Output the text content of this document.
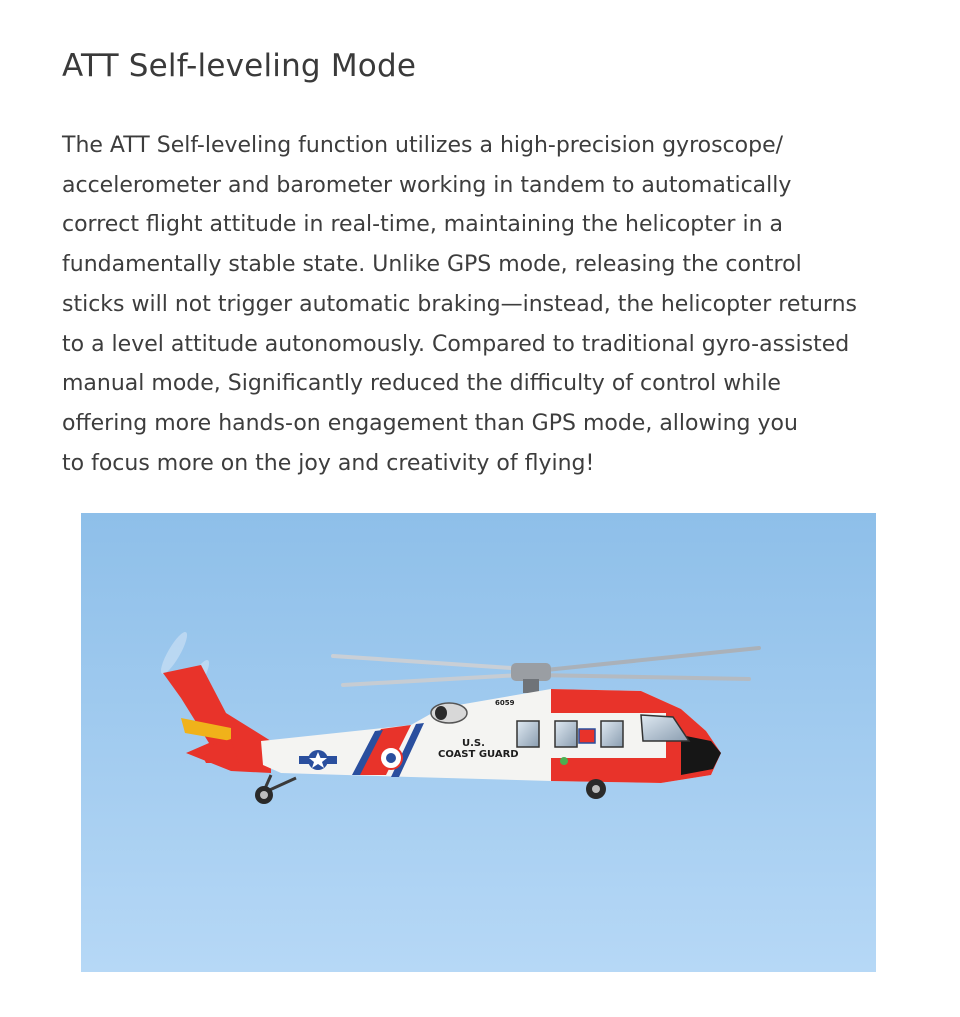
ATT Self-leveling Mode
The ATT Self-leveling function utilizes a high-precision gyroscope/
accelerometer and barometer working in tandem to automatically
correct flight attitude in real-time, maintaining the helicopter in a
fundamentally stable state. Unlike GPS mode, releasing the control
sticks will not trigger automatic braking—instead, the helicopter returns
to a level attitude autonomously. Compared to traditional gyro-assisted
manual mode, Significantly reduced the difficulty of control while
offering more hands-on engagement than GPS mode, allowing you
to focus more on the joy and creativity of flying!
U.S.
COAST GUARD
6059
